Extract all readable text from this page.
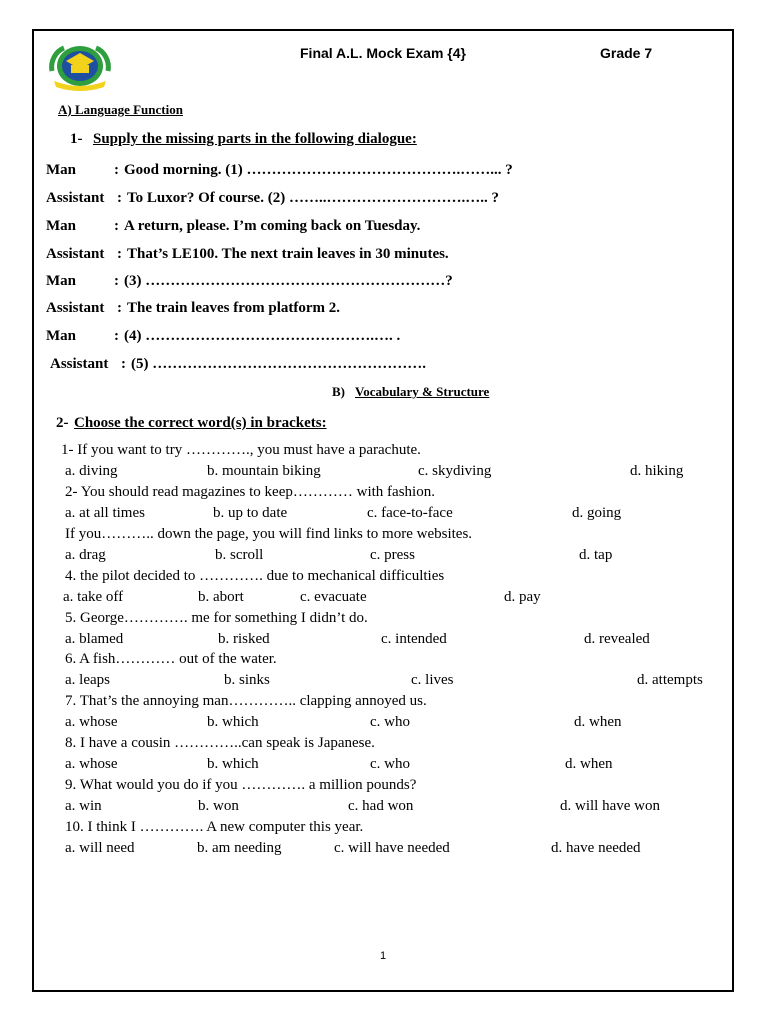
Final A.L. Mock Exam {4}	Grade 7
A) Language Function
1- Supply the missing parts in the following dialogue:
Man	: Good morning. (1) …………………………………….……... ?
Assistant : To Luxor? Of course. (2) ……..……………………….….. ?
Man	: A return, please. I’m coming back on Tuesday.
Assistant : That’s LE100. The next train leaves in 30 minutes.
Man	: (3) ……………………………………………………?
Assistant : The train leaves from platform 2.
Man	: (4) ……………………………………….…. .
Assistant : (5) ……………………………………………….
B) Vocabulary & Structure
2- Choose the correct word(s) in brackets:
1- If you want to try …………., you must have a parachute.
a. diving	b. mountain biking	c. skydiving	d. hiking
2- You should read magazines to keep………… with fashion.
a. at all times	b. up to date	c. face-to-face	d. going
If you……….. down the page, you will find links to more websites.
a. drag	b. scroll	c. press	d. tap
4. the pilot decided to …………. due to mechanical difficulties
a. take off	b. abort	c. evacuate	d. pay
5. George…………. me for something I didn’t do.
a. blamed	b. risked	c. intended	d. revealed
6. A fish………… out of the water.
a. leaps	b. sinks	c. lives	d. attempts
7. That’s the annoying man………….. clapping annoyed us.
a. whose	b. which	c. who	d. when
8. I have a cousin …………..can speak is Japanese.
a. whose	b. which	c. who	d. when
9. What would you do if you …………. a million pounds?
a. win	b. won	c. had won	d. will have won
10. I think I …………. A new computer this year.
a. will need	b. am needing	c. will have needed	d. have needed
1
